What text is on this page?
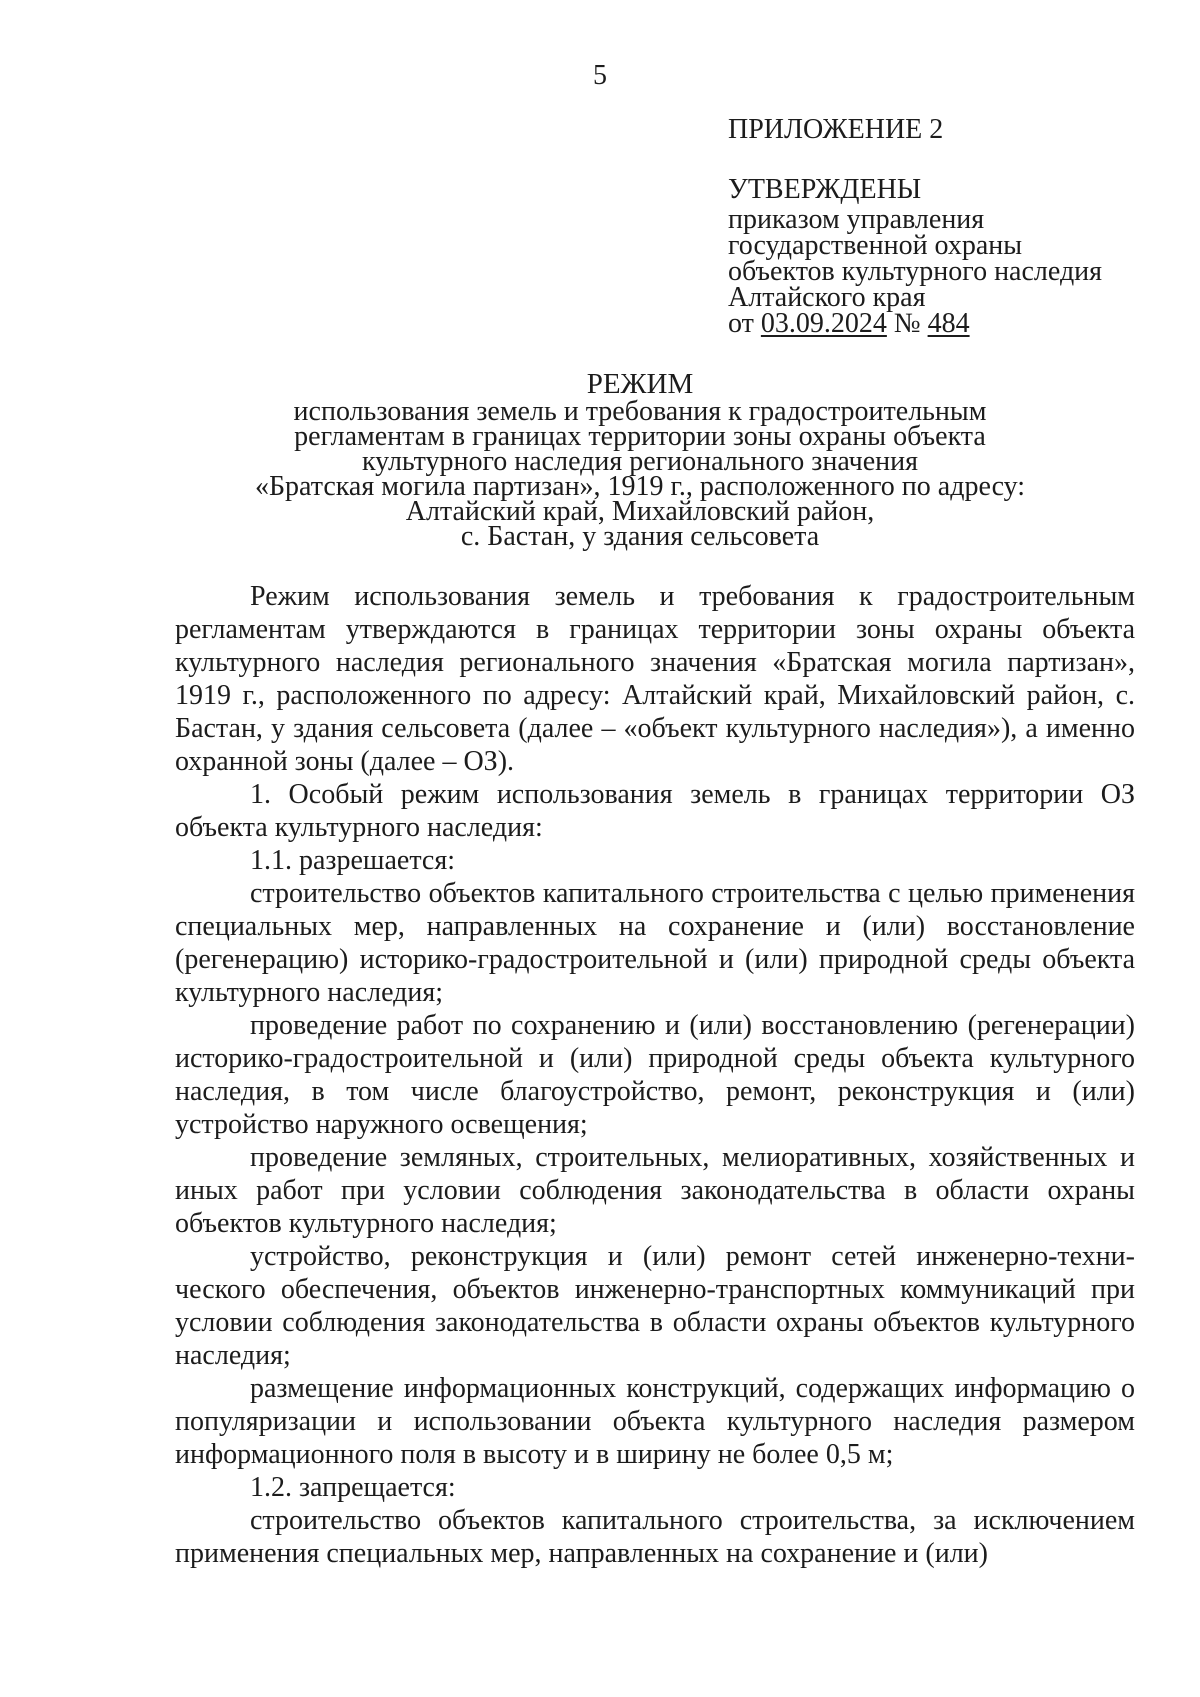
5
ПРИЛОЖЕНИЕ 2
УТВЕРЖДЕНЫ
приказом управления
государственной охраны
объектов культурного наследия
Алтайского края
от 03.09.2024 № 484
РЕЖИМ
использования земель и требования к градостроительным
регламентам в границах территории зоны охраны объекта
культурного наследия регионального значения
«Братская могила партизан», 1919 г., расположенного по адресу:
Алтайский край, Михайловский район,
с. Бастан, у здания сельсовета

Режим использования земель и требования к градостроительным регламентам утверждаются в границах территории зоны охраны объекта культурного наследия регионального значения «Братская могила партизан», 1919 г., расположенного по адресу: Алтайский край, Михайловский район, с. Бастан, у здания сельсовета (далее – «объект культурного наследия»), а именно охранной зоны (далее – ОЗ).

1. Особый режим использования земель в границах территории ОЗ объекта культурного наследия:

1.1. разрешается:

строительство объектов капитального строительства с целью применения специальных мер, направленных на сохранение и (или) восстановление (регенерацию) историко-градостроительной и (или) природной среды объекта культурного наследия;

проведение работ по сохранению и (или) восстановлению (регенерации) историко-градостроительной и (или) природной среды объекта культурного наследия, в том числе благоустройство, ремонт, реконструкция и (или) устройство наружного освещения;

проведение земляных, строительных, мелиоративных, хозяйственных и иных работ при условии соблюдения законодательства в области охраны объектов культурного наследия;

устройство, реконструкция и (или) ремонт сетей инженерно-технического обеспечения, объектов инженерно-транспортных коммуникаций при условии соблюдения законодательства в области охраны объектов культурного наследия;

размещение информационных конструкций, содержащих информацию о популяризации и использовании объекта культурного наследия размером информационного поля в высоту и в ширину не более 0,5 м;

1.2. запрещается:

строительство объектов капитального строительства, за исключением применения специальных мер, направленных на сохранение и (или)
